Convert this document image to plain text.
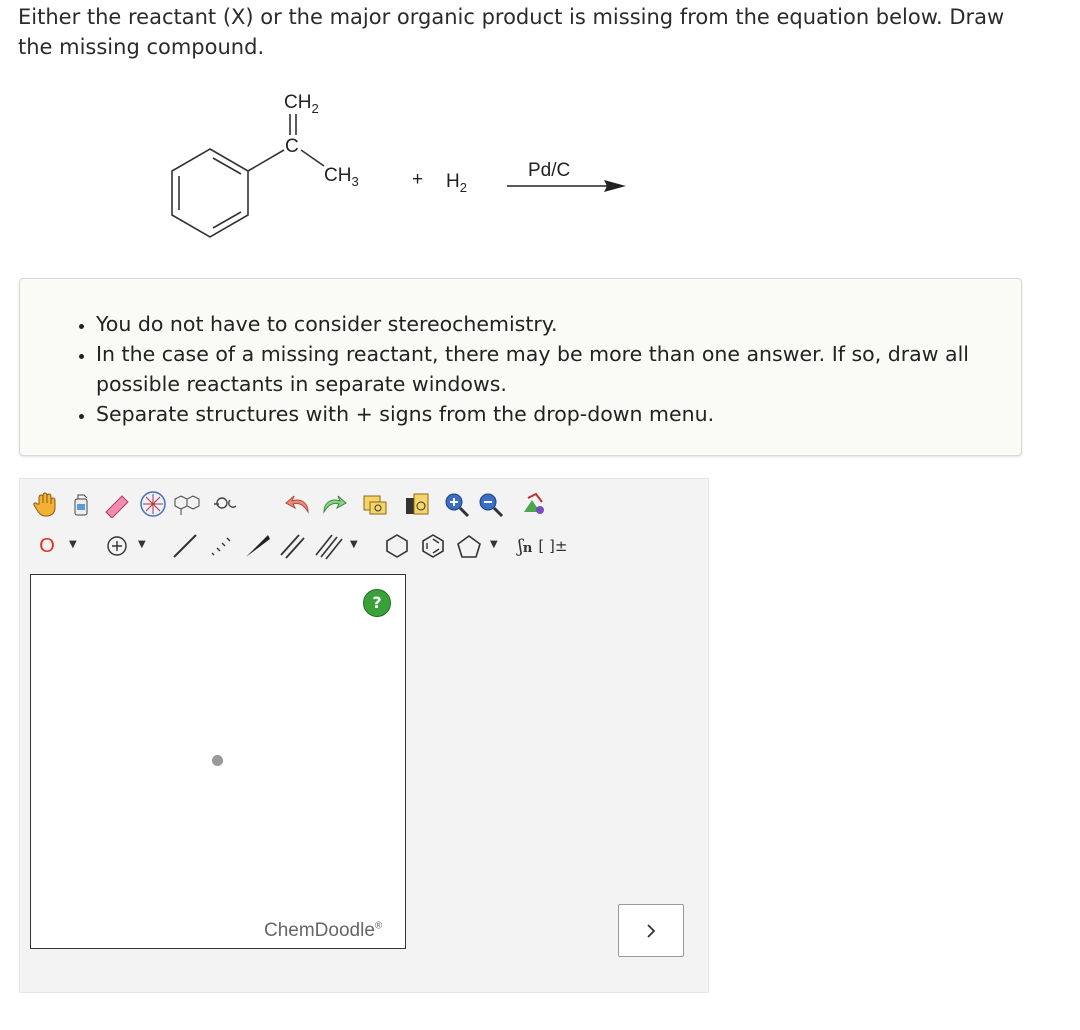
Either the reactant (X) or the major organic product is missing from the equation below. Draw the missing compound.

$CH_2$
C
$CH_3$	+ $H_2$
Pd/C
• You do not have to consider stereochemistry.
• In the case of a missing reactant, there may be more than one answer. If so, draw all possible reactants in separate windows.
• Separate structures with + signs from the drop-down menu.
O ▼	▼	▼	▼ ʃn [ ]±
?
ChemDoodle®
